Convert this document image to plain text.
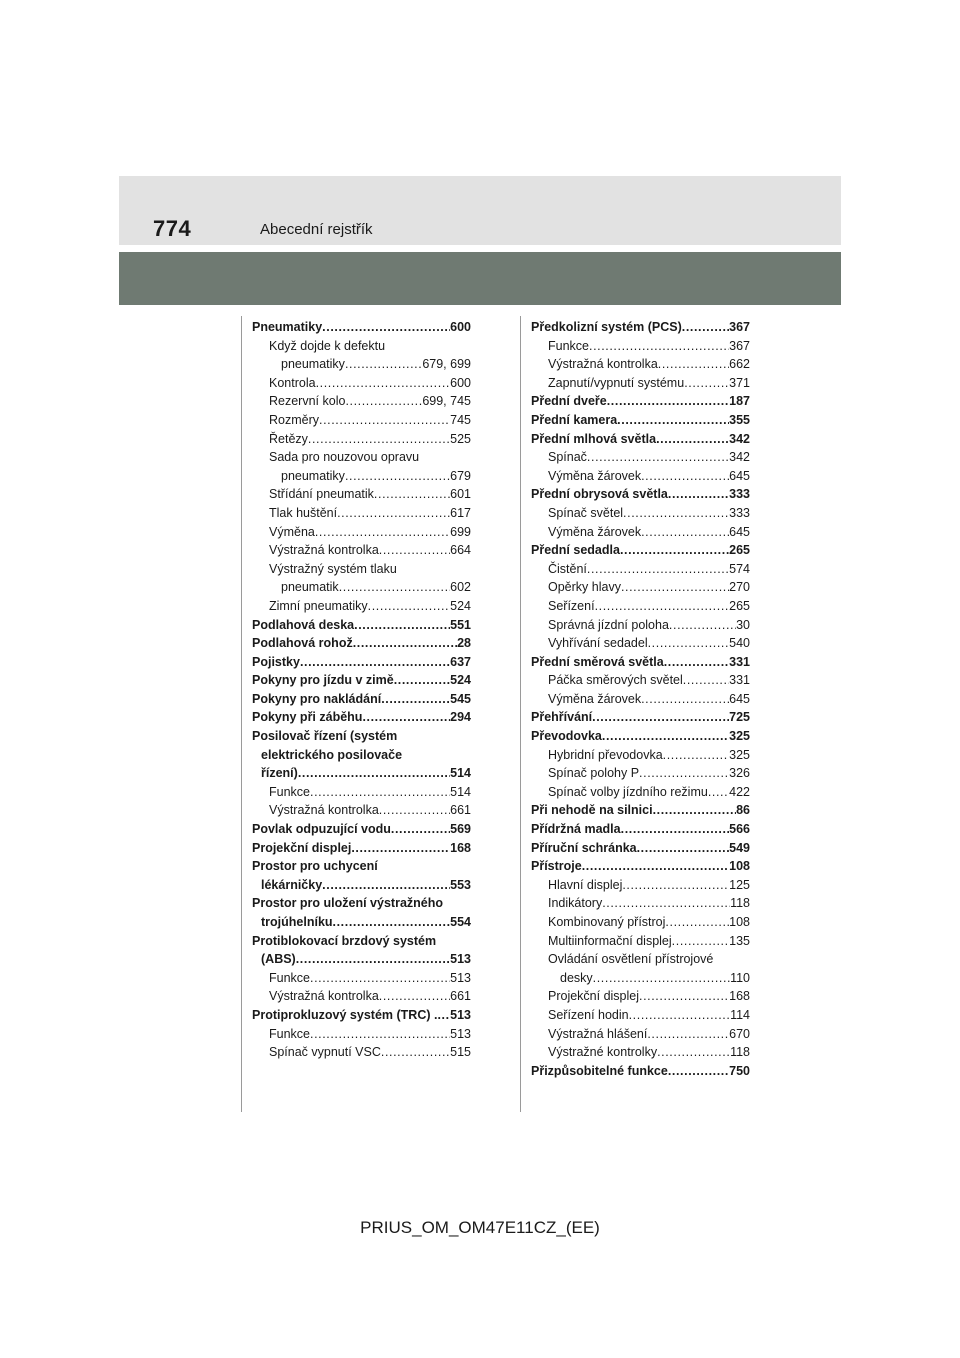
774	Abecední rejstřík
Pneumatiky .....	600
Když dojde k defektu
pneumatiky .....	679, 699
Kontrola .....	600
Rezervní kolo .....	699, 745
Rozměry .....	745
Řetězy .....	525
Sada pro nouzovou opravu
pneumatiky .....	679
Střídání pneumatik .....	601
Tlak huštění .....	617
Výměna .....	699
Výstražná kontrolka .....	664
Výstražný systém tlaku
pneumatik .....	602
Zimní pneumatiky .....	524
Podlahová deska .....	551
Podlahová rohož .....	28
Pojistky .....	637
Pokyny pro jízdu v zimě .....	524
Pokyny pro nakládání .....	545
Pokyny při záběhu .....	294
Posilovač řízení (systém
elektrického posilovače
řízení) .....	514
Funkce .....	514
Výstražná kontrolka .....	661
Povlak odpuzující vodu .....	569
Projekční displej .....	168
Prostor pro uchycení
lékárničky .....	553
Prostor pro uložení výstražného
trojúhelníku .....	554
Protiblokovací brzdový systém
(ABS) .....	513
Funkce .....	513
Výstražná kontrolka .....	661
Protiprokluzový systém (TRC) . ..... 513
Funkce .....	513
Spínač vypnutí VSC .....	515
Předkolizní systém (PCS) .....	367
Funkce .....	367
Výstražná kontrolka .....	662
Zapnutí/vypnutí systému .....	371
Přední dveře .....	187
Přední kamera .....	355
Přední mlhová světla .....	342
Spínač .....	342
Výměna žárovek .....	645
Přední obrysová světla .....	333
Spínač světel .....	333
Výměna žárovek .....	645
Přední sedadla .....	265
Čistění .....	574
Opěrky hlavy .....	270
Seřízení .....	265
Správná jízdní poloha .....	30
Vyhřívání sedadel .....	540
Přední směrová světla .....	331
Páčka směrových světel .....	331
Výměna žárovek .....	645
Přehřívání .....	725
Převodovka .....	325
Hybridní převodovka .....	325
Spínač polohy P .....	326
Spínač volby jízdního režimu ..... 422
Při nehodě na silnici .....	86
Přídržná madla .....	566
Příruční schránka .....	549
Přístroje .....	108
Hlavní displej .....	125
Indikátory .....	118
Kombinovaný přístroj .....	108
Multiinformační displej .....	135
Ovládání osvětlení přístrojové
desky .....	110
Projekční displej .....	168
Seřízení hodin .....	114
Výstražná hlášení .....	670
Výstražné kontrolky .....	118
Přizpůsobitelné funkce .....	750
PRIUS_OM_OM47E11CZ_(EE)
